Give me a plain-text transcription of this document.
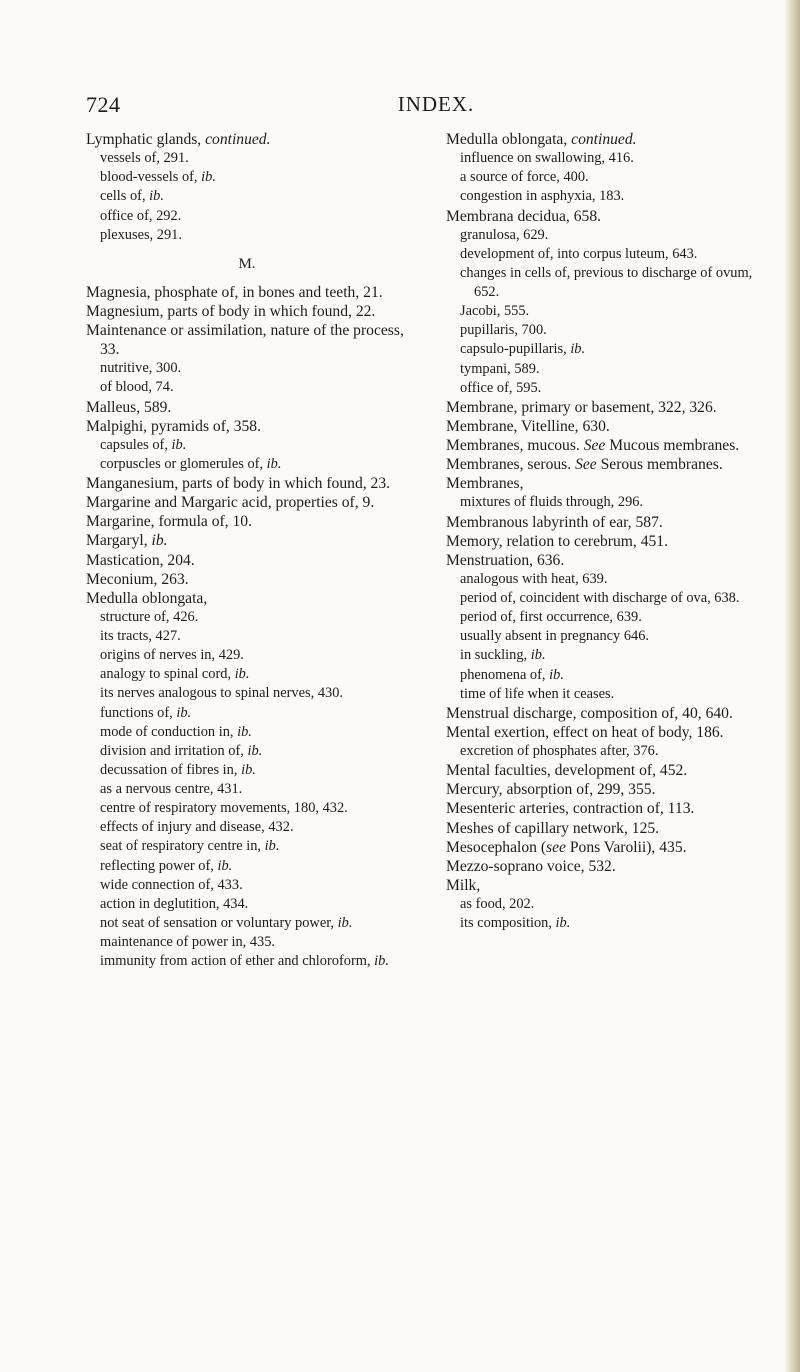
724	INDEX.
Lymphatic glands, continued.
vessels of, 291.
blood-vessels of, ib.
cells of, ib.
office of, 292.
plexuses, 291.
M.
Magnesia, phosphate of, in bones and teeth, 21.
Magnesium, parts of body in which found, 22.
Maintenance or assimilation, nature of the process, 33.
nutritive, 300.
of blood, 74.
Malleus, 589.
Malpighi, pyramids of, 358.
capsules of, ib.
corpuscles or glomerules of, ib.
Manganesium, parts of body in which found, 23.
Margarine and Margaric acid, properties of, 9.
Margarine, formula of, 10.
Margaryl, ib.
Mastication, 204.
Meconium, 263.
Medulla oblongata,
structure of, 426.
its tracts, 427.
origins of nerves in, 429.
analogy to spinal cord, ib.
its nerves analogous to spinal nerves, 430.
functions of, ib.
mode of conduction in, ib.
division and irritation of, ib.
decussation of fibres in, ib.
as a nervous centre, 431.
centre of respiratory movements, 180, 432.
effects of injury and disease, 432.
seat of respiratory centre in, ib.
reflecting power of, ib.
wide connection of, 433.
action in deglutition, 434.
not seat of sensation or voluntary power, ib.
maintenance of power in, 435.
immunity from action of ether and chloroform, ib.
Medulla oblongata, continued.
influence on swallowing, 416.
a source of force, 400.
congestion in asphyxia, 183.
Membrana decidua, 658.
granulosa, 629.
development of, into corpus luteum, 643.
changes in cells of, previous to discharge of ovum, 652.
Jacobi, 555.
pupillaris, 700.
capsulo-pupillaris, ib.
tympani, 589.
office of, 595.
Membrane, primary or basement, 322, 326.
Membrane, Vitelline, 630.
Membranes, mucous. See Mucous membranes.
Membranes, serous. See Serous membranes.
Membranes,
mixtures of fluids through, 296.
Membranous labyrinth of ear, 587.
Memory, relation to cerebrum, 451.
Menstruation, 636.
analogous with heat, 639.
period of, coincident with discharge of ova, 638.
period of, first occurrence, 639.
usually absent in pregnancy 646.
in suckling, ib.
phenomena of, ib.
time of life when it ceases.
Menstrual discharge, composition of, 40, 640.
Mental exertion, effect on heat of body, 186.
excretion of phosphates after, 376.
Mental faculties, development of, 452.
Mercury, absorption of, 299, 355.
Mesenteric arteries, contraction of, 113.
Meshes of capillary network, 125.
Mesocephalon (see Pons Varolii), 435.
Mezzo-soprano voice, 532.
Milk,
as food, 202.
its composition, ib.
